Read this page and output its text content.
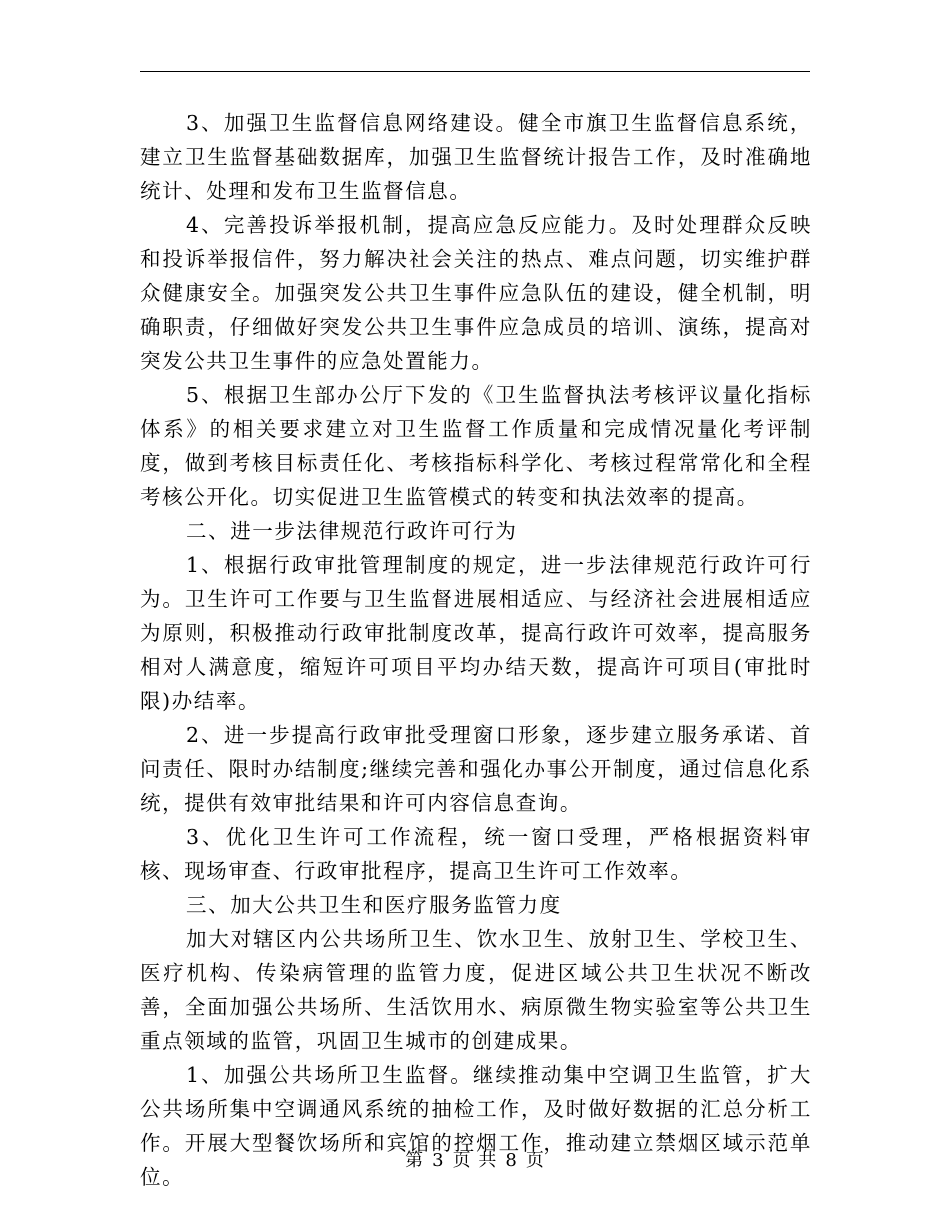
3、加强卫生监督信息网络建设。健全市旗卫生监督信息系统，建立卫生监督基础数据库，加强卫生监督统计报告工作，及时准确地统计、处理和发布卫生监督信息。

4、完善投诉举报机制，提高应急反应能力。及时处理群众反映和投诉举报信件，努力解决社会关注的热点、难点问题，切实维护群众健康安全。加强突发公共卫生事件应急队伍的建设，健全机制，明确职责，仔细做好突发公共卫生事件应急成员的培训、演练，提高对突发公共卫生事件的应急处置能力。

5、根据卫生部办公厅下发的《卫生监督执法考核评议量化指标体系》的相关要求建立对卫生监督工作质量和完成情况量化考评制度，做到考核目标责任化、考核指标科学化、考核过程常常化和全程考核公开化。切实促进卫生监管模式的转变和执法效率的提高。

二、进一步法律规范行政许可行为

1、根据行政审批管理制度的规定，进一步法律规范行政许可行为。卫生许可工作要与卫生监督进展相适应、与经济社会进展相适应为原则，积极推动行政审批制度改革，提高行政许可效率，提高服务相对人满意度，缩短许可项目平均办结天数，提高许可项目(审批时限)办结率。

2、进一步提高行政审批受理窗口形象，逐步建立服务承诺、首问责任、限时办结制度;继续完善和强化办事公开制度，通过信息化系统，提供有效审批结果和许可内容信息查询。

3、优化卫生许可工作流程，统一窗口受理，严格根据资料审核、现场审查、行政审批程序，提高卫生许可工作效率。

三、加大公共卫生和医疗服务监管力度

加大对辖区内公共场所卫生、饮水卫生、放射卫生、学校卫生、医疗机构、传染病管理的监管力度，促进区域公共卫生状况不断改善，全面加强公共场所、生活饮用水、病原微生物实验室等公共卫生重点领域的监管，巩固卫生城市的创建成果。

1、加强公共场所卫生监督。继续推动集中空调卫生监管，扩大公共场所集中空调通风系统的抽检工作，及时做好数据的汇总分析工作。开展大型餐饮场所和宾馆的控烟工作，推动建立禁烟区域示范单位。

第 3 页 共 8 页
